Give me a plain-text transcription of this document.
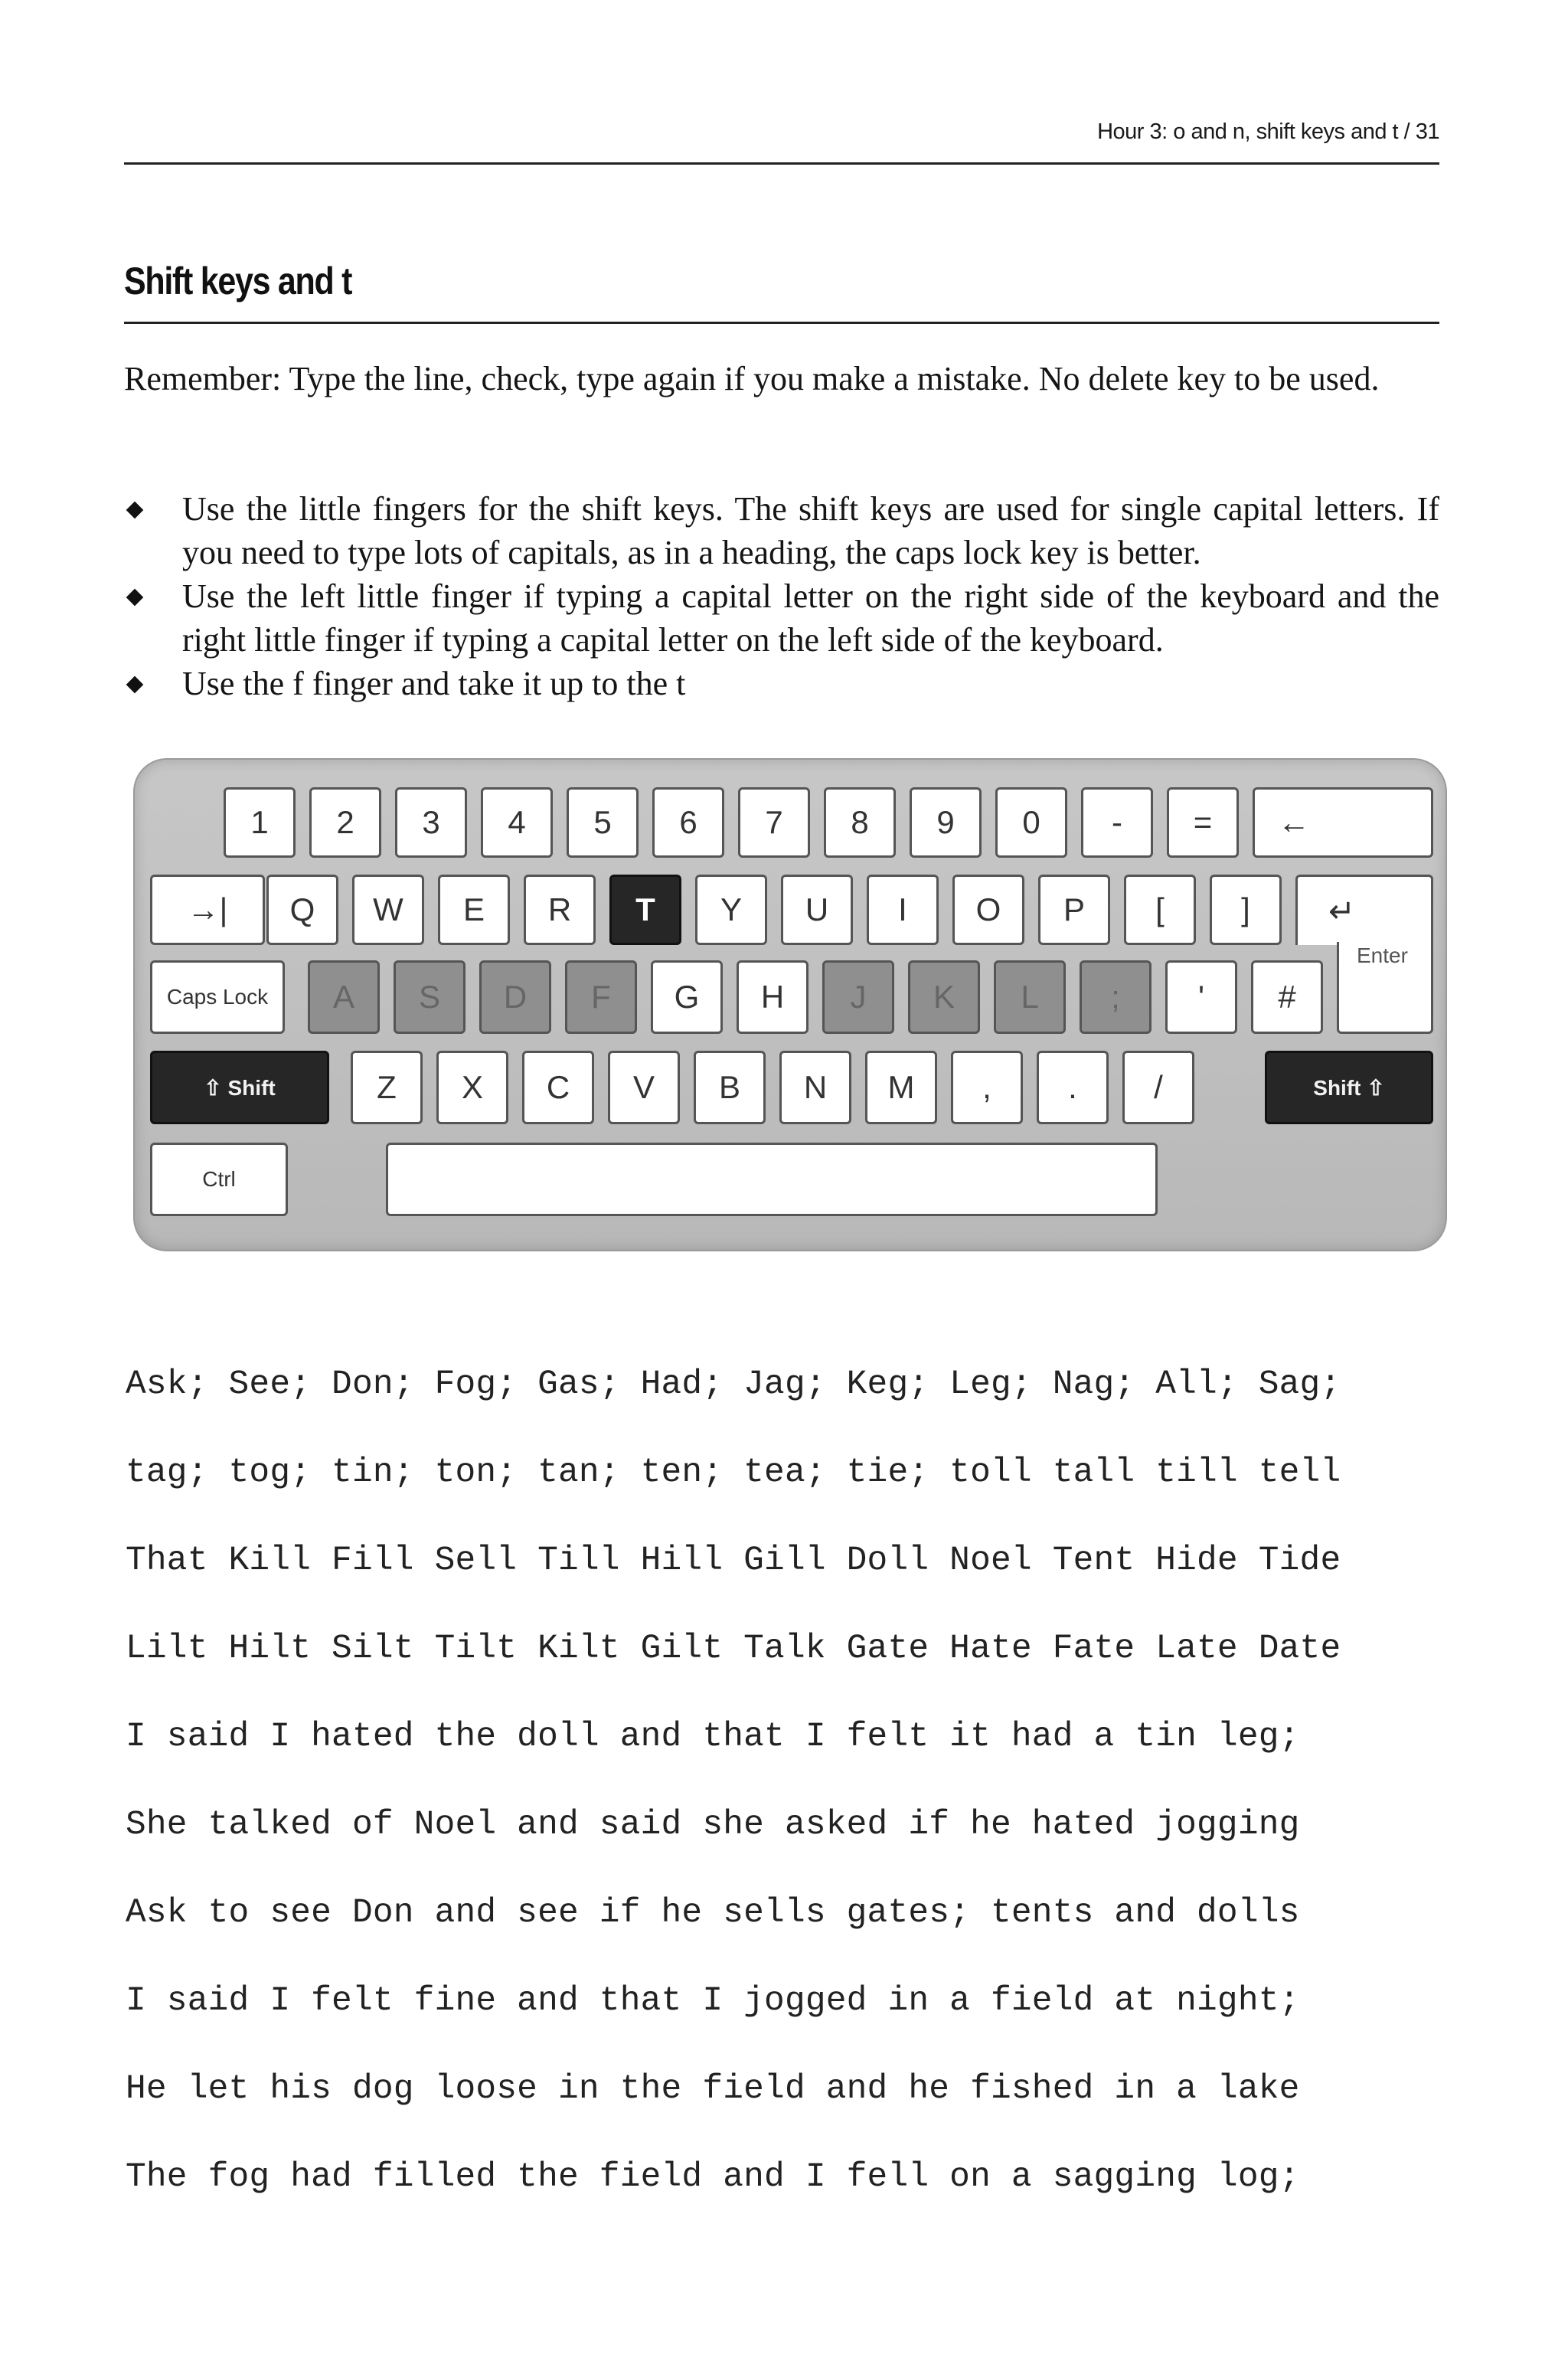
Hour 3: o and n, shift keys and t / 31
Shift keys and t

Remember: Type the line, check, type again if you make a mistake. No delete key to be used.

Use the little fingers for the shift keys. The shift keys are used for single capital letters. If you need to type lots of capitals, as in a heading, the caps lock key is better.
Use the left little finger if typing a capital letter on the right side of the keyboard and the right little finger if typing a capital letter on the left side of the keyboard.
Use the f finger and take it up to the t
1 2 3 4 5 6 7 8 9 0 - = ←
→| Q W E R T Y U I O P [ ] ↵
Enter
Caps Lock A S D F G H J K L ; ' #
⇧ Shift	Z X C V B N M , . /	Shift ⇧
Ctrl
Ask; See; Don; Fog; Gas; Had; Jag; Keg; Leg; Nag; All; Sag;
tag; tog; tin; ton; tan; ten; tea; tie; toll tall till tell
That Kill Fill Sell Till Hill Gill Doll Noel Tent Hide Tide
Lilt Hilt Silt Tilt Kilt Gilt Talk Gate Hate Fate Late Date
I said I hated the doll and that I felt it had a tin leg;
She talked of Noel and said she asked if he hated jogging
Ask to see Don and see if he sells gates; tents and dolls
I said I felt fine and that I jogged in a field at night;
He let his dog loose in the field and he fished in a lake
The fog had filled the field and I fell on a sagging log;
